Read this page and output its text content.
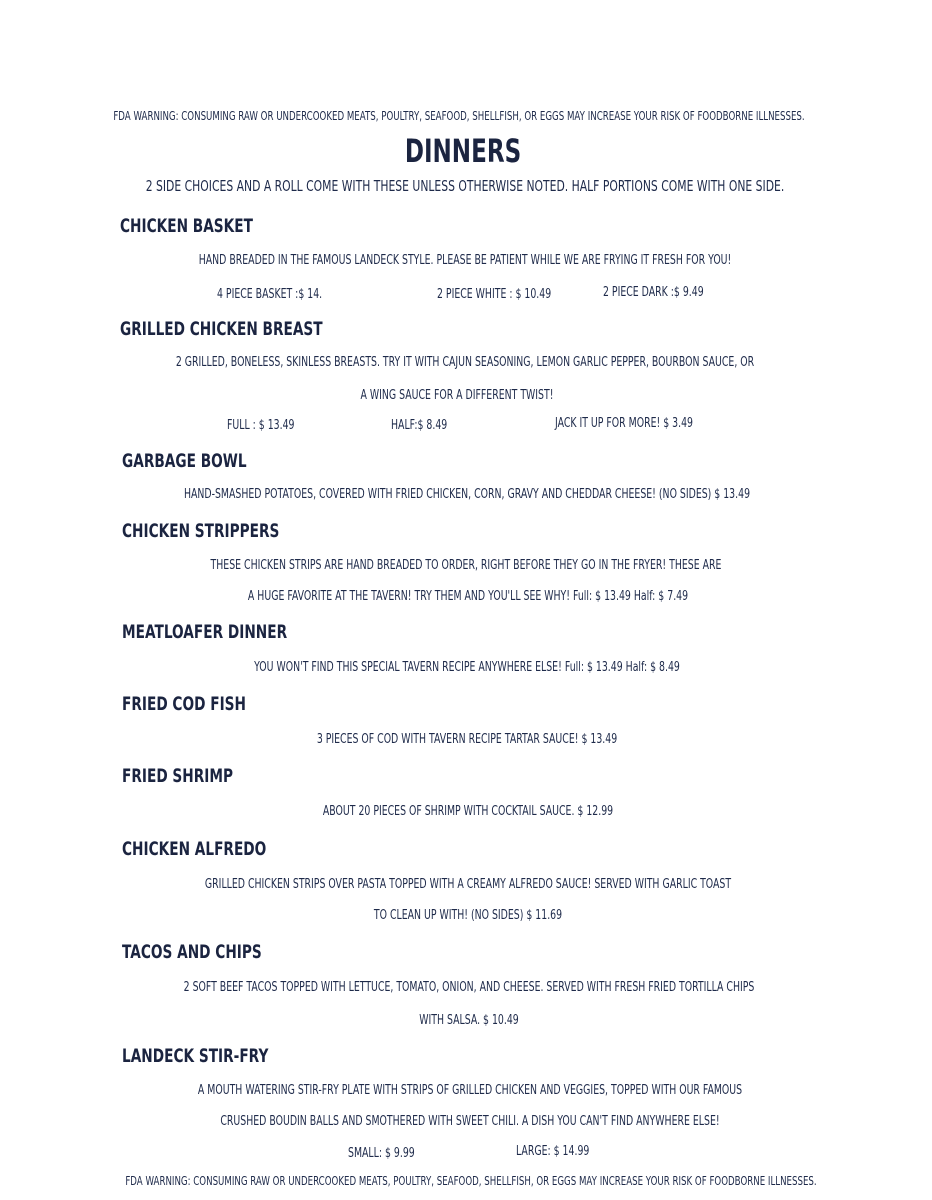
FDA WARNING: CONSUMING RAW OR UNDERCOOKED MEATS, POULTRY, SEAFOOD, SHELLFISH, OR EGGS MAY INCREASE YOUR RISK OF FOODBORNE ILLNESSES.
DINNERS
2 SIDE CHOICES AND A ROLL COME WITH THESE UNLESS OTHERWISE NOTED. HALF PORTIONS COME WITH ONE SIDE.
CHICKEN BASKET
HAND BREADED IN THE FAMOUS LANDECK STYLE. PLEASE BE PATIENT WHILE WE ARE FRYING IT FRESH FOR YOU!
4 PIECE BASKET :$ 14.	2 PIECE WHITE : $ 10.49	2 PIECE DARK :$ 9.49
GRILLED CHICKEN BREAST
2 GRILLED, BONELESS, SKINLESS BREASTS. TRY IT WITH CAJUN SEASONING, LEMON GARLIC PEPPER, BOURBON SAUCE, OR
A WING SAUCE FOR A DIFFERENT TWIST!
FULL : $ 13.49	HALF:$ 8.49	JACK IT UP FOR MORE! $ 3.49
GARBAGE BOWL
HAND-SMASHED POTATOES, COVERED WITH FRIED CHICKEN, CORN, GRAVY AND CHEDDAR CHEESE! (NO SIDES) $ 13.49
CHICKEN STRIPPERS
THESE CHICKEN STRIPS ARE HAND BREADED TO ORDER, RIGHT BEFORE THEY GO IN THE FRYER! THESE ARE
A HUGE FAVORITE AT THE TAVERN! TRY THEM AND YOU'LL SEE WHY! Full: $ 13.49 Half: $ 7.49
MEATLOAFER DINNER
YOU WON'T FIND THIS SPECIAL TAVERN RECIPE ANYWHERE ELSE! Full: $ 13.49 Half: $ 8.49
FRIED COD FISH
3 PIECES OF COD WITH TAVERN RECIPE TARTAR SAUCE! $ 13.49
FRIED SHRIMP
ABOUT 20 PIECES OF SHRIMP WITH COCKTAIL SAUCE. $ 12.99
CHICKEN ALFREDO
GRILLED CHICKEN STRIPS OVER PASTA TOPPED WITH A CREAMY ALFREDO SAUCE! SERVED WITH GARLIC TOAST
TO CLEAN UP WITH! (NO SIDES) $ 11.69
TACOS AND CHIPS
2 SOFT BEEF TACOS TOPPED WITH LETTUCE, TOMATO, ONION, AND CHEESE. SERVED WITH FRESH FRIED TORTILLA CHIPS
WITH SALSA. $ 10.49
LANDECK STIR-FRY
A MOUTH WATERING STIR-FRY PLATE WITH STRIPS OF GRILLED CHICKEN AND VEGGIES, TOPPED WITH OUR FAMOUS
CRUSHED BOUDIN BALLS AND SMOTHERED WITH SWEET CHILI. A DISH YOU CAN'T FIND ANYWHERE ELSE!
SMALL: $ 9.99	LARGE: $ 14.99
FDA WARNING: CONSUMING RAW OR UNDERCOOKED MEATS, POULTRY, SEAFOOD, SHELLFISH, OR EGGS MAY INCREASE YOUR RISK OF FOODBORNE ILLNESSES.
